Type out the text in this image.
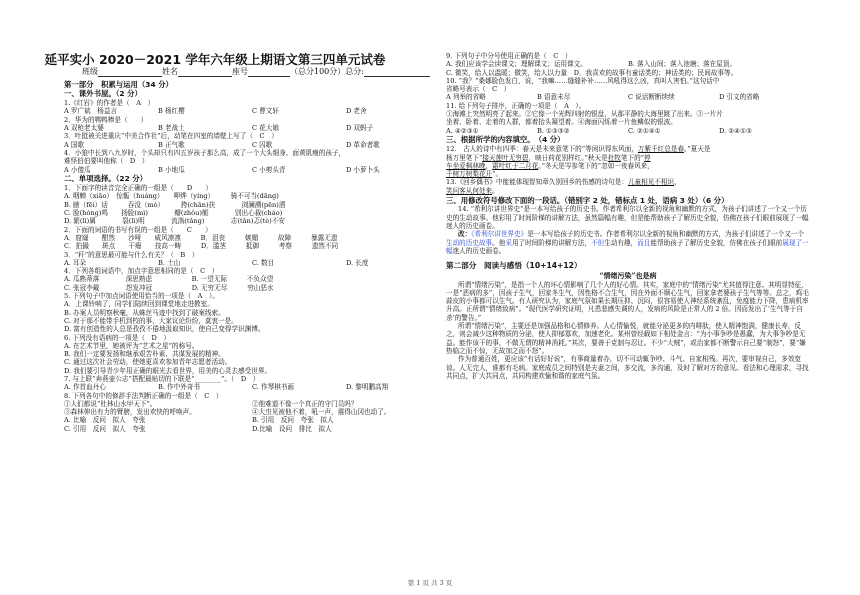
延平实小 2020－2021 学年六年级上期语文第三四单元试卷
班级	姓名	座号	（总分100分）总分:

第一部分　积累与运用（34 分）

一、课外书屋。（2 分）

1.《红岩》的作者是（　A　）

A 罗广斌　杨益言	B 杨红樱	C 曹文轩	D 老舍

2．华为的鸭鸭棒是（　　）

A 双枪老太婆	B 老战士	C 花大娘	D 双蚂子

3．叶挺被关进重庆“中美合作社”后，动笔在四室的墙壁上写了（　C　）

A 国歌	B 正气歌	C 囚歌	D 革命者歌

4．小狼中长到八九岁时，个头却只有四五岁孩子那么高，成了一个大头细身、面黄肌瘦的孩子，

难怪伯伯要叫他称（　D　）

A 小傻瓜	B 小地瓜	C 小剪头青	D 小萝卜头

二、单项选择。（22 分）

1．下面字的读音完全正确的一组是（　　D　　）

A. 咽蝉（xiāo）　惊骺（huáng）　　呷烨（yíng）　　　骑不可当(dāng)

B. 腋（fēi）话　　　吞没（mò）　　　挎(chān)扶　　　　浏澜溯(pēn)洒

C. 脸(hóng)鸣　　扬脸(mì)　　　　瓣(zhǒu)艇　　　　别出心裁(cháo)

D. 繁(lì)属　　　　裂(lì)明　　　　流淌(tǎng)　　　　志(tǎn)忑(tè)不安

2．下面的词语的书写有误的一组是（　　C　　）

A．窟窿　　酣然　　沙哑　　威风凛凛　　　B．沮丧　　　嫉媚　　　故障　　　暴露无遗

C．拍撮　　斑点　　干瘪　　技高一畴　　　D．滥茎　　　抵御　　　考察　　　遗然不同

3．“秆”的意思最可能与什么有关？（　B　）

A. 耳朵	B. 土山	C. 数目	D. 长度

4．下列各组词语中，加点字意思相同的是（　C　）

A. 瓜熟蒂落　　　　深思熟虑　　　　　　B. 一望无际　　　不负众望

C. 张冠李戴　　　　怨发冲冠　　　　　　D. 无穷无尽　　　穷山恶水

5. 下列句子中加点词语使用恰当的一项是（　A　）。

A．上课铃响了，同学们陆续回到课堂地走进教室。

B. 办案人员明察秋毫，从蛛丝马迹中找到了破案线索。

C. 对于那不能带手机到校的事，大家议论纷纷，莫衷一是。

D. 富有创造性的人总是孜孜不倦地汲取知识，使自己变得学识渊博。

6. 下列没有语病的一项是（　D　）

A. 在艺术节里，她被评为“艺术之星”的称号。

B. 我们一定要发扬和继承艰苦朴素、共谋发展的精神。

C. 通过这次社会劳动，使她更喜欢参加青年志愿者活动。

D. 我们要引导青少年用正确的眼光去看世界，用美的心灵去感受世界。

7. 与上联“奔燕壶公志”搭配最贴切的下联是“________”。（　D　）

A. 作首血丹心	B. 作中外奇书	C. 作琴棋书画	D. 黎明鹏高翔

8. 下列各句中的修辞手法判断正确的一组是（　C　）

①人们都说“杜林山水甲天下”。	②他难道不像一个真正的守门员吗？
③森林伸出有力的臂膀，发出欢快的呼唤声。	④大虫见被他不着，吼一声，震得山冈也动了。
A. 比喻　反问　拟人　夸张	B. 引用　反问　夸张　拟人
C. 引用　反问　拟人　夸张	D.比喻　设问　排比　拟人

9. 下列句子中分号使用正确的是（　C　）

A. 我们应该学会读课文；理解课文；运用课文。	B. 落入山间；落入池塘；落在屋顶。

C. 微笑，给人以温暖；微笑，给人以力量　D．我喜欢的故事有童话类的；神话类的；民间故事等。

10. “我？”桑娜脸色发白，说，“我嘛……缝缝补补……风吼得这么凶，真叫人害怕。”这句话中

省略号表示（　C　）

A 列举的省略	B 语意未尽	C 说话断断续续	D 引文的省略

11. 给下列句子排序，正确的一项是（　A　）。

①海滩上突然明亮了起来。②它像一个光辉四射的银盘，从那平静的大海里跳了出来。③一片片

坐着、卧着、走着的人群，都着抬头凝望着。④海面闪烁着一片鱼鳞似的银波。

A. ④②③①	B. ①③③②	C. ②①④①	D. ②④①③

三、根据所学的内容填空。　（4 分）

12.　古人的诗中有四季：春天是未来意笔下的“等闲识得东风面，万紫千红总是春。”夏天是

杨万里笔下“接天莲叶无穷碧，映日荷花别样红。”秋天是杜牧笔下的“停

车坐爱枫林晚，霜叶红于二月花。”冬天是岑参笔下的“忽如一夜春风来，

千树万树梨花开”。

13.《回乡偶书》中能能体现智知章久别回乡的伤感的诗句是：儿童相见不相识，

笑问客从何处来。

三、用修改符号修改下面的一段话。（错别字 2 处，错标点 1 处，语病 3 处）（6 分）

14. “希利尔讲世界史”是一本写给孩子的历史书。作者希利尔以全新的视角和幽默的方式，为孩子们讲述了一个又一个历史的生动故事。他彩用了时间阶梯的讲解方法，虽然篇幅有趣，但是能帮助孩子了解历史全貌，仿佛在孩子们眼前展现了一幅迷人的历史画卷。

改：《希利尔讲世界史》是一本写给孩子的历史书。作者希利尔以全新的视角和幽默的方式，为孩子们讲述了一个又一个生动的历史故事。他采用了时间阶梯的讲解方法，不但生动有趣，而且能帮助孩子了解历史全貌，仿佛在孩子们眼前展现了一幅迷人的历史画卷。

第二部分　阅读与感悟（10+14+12）

“情绪污染”也是病

所谓“情绪污染”，是指一个人的坏心情影响了几个人的好心情。其实，家庭中的“情绪污染”尤其值得注意。其明显特征，一是“恶病的多”，因孩子生气，回家冬生气，因性格不合生气，因在外面不顺心生气，回家拿老婆孩子生气等等。总之，鸡毛蒜皮的小事都可以生气。有人研究认为，家庭气氛如果长期压抑、沉闷，很容易使人神经系统紊乱，免疫能力下降，患病机率升高。正所谓“情绪致病”。“现代医学研究证明，凡患悲感失调的人，发病的风险是正常人的 2 倍。因而发出了‘生气等于自杀’的警告。”

所谓“情绪污染”，主要还是加强品格和心情修养。人心情愉悦，就能分泌更多的内啡肽，使人精神饱满，健康长寿，反之，则会减少这种物质的分泌，使人抑郁寡欢，加速老化。某州曾经载如下相处金言：“为小事争吵是愚蠢，为大事争吵是无益。能作该干的事，不做无谓的精神消耗。”其次，要善于克制与忍让。不少“大贼”，或治家都不断警示自己要“制怒”，要“嫌热临之而不惊，无故加之而不怒”。

作为普通百姓，更应该“有话好好说”，有事商量着办，切不可动辄争吵、斗气、自家相残。再次，要审视自己，多效宽谅。人无完人，谁都有毛病。家庭成员之间特别是夫妻之间，多交流，多沟通，及时了解对方的意见。看法和心理需求，寻找共同点，扩大共同点，共同构建欢愉和谐的家庭气氛。

第 1 页 共 3 页
